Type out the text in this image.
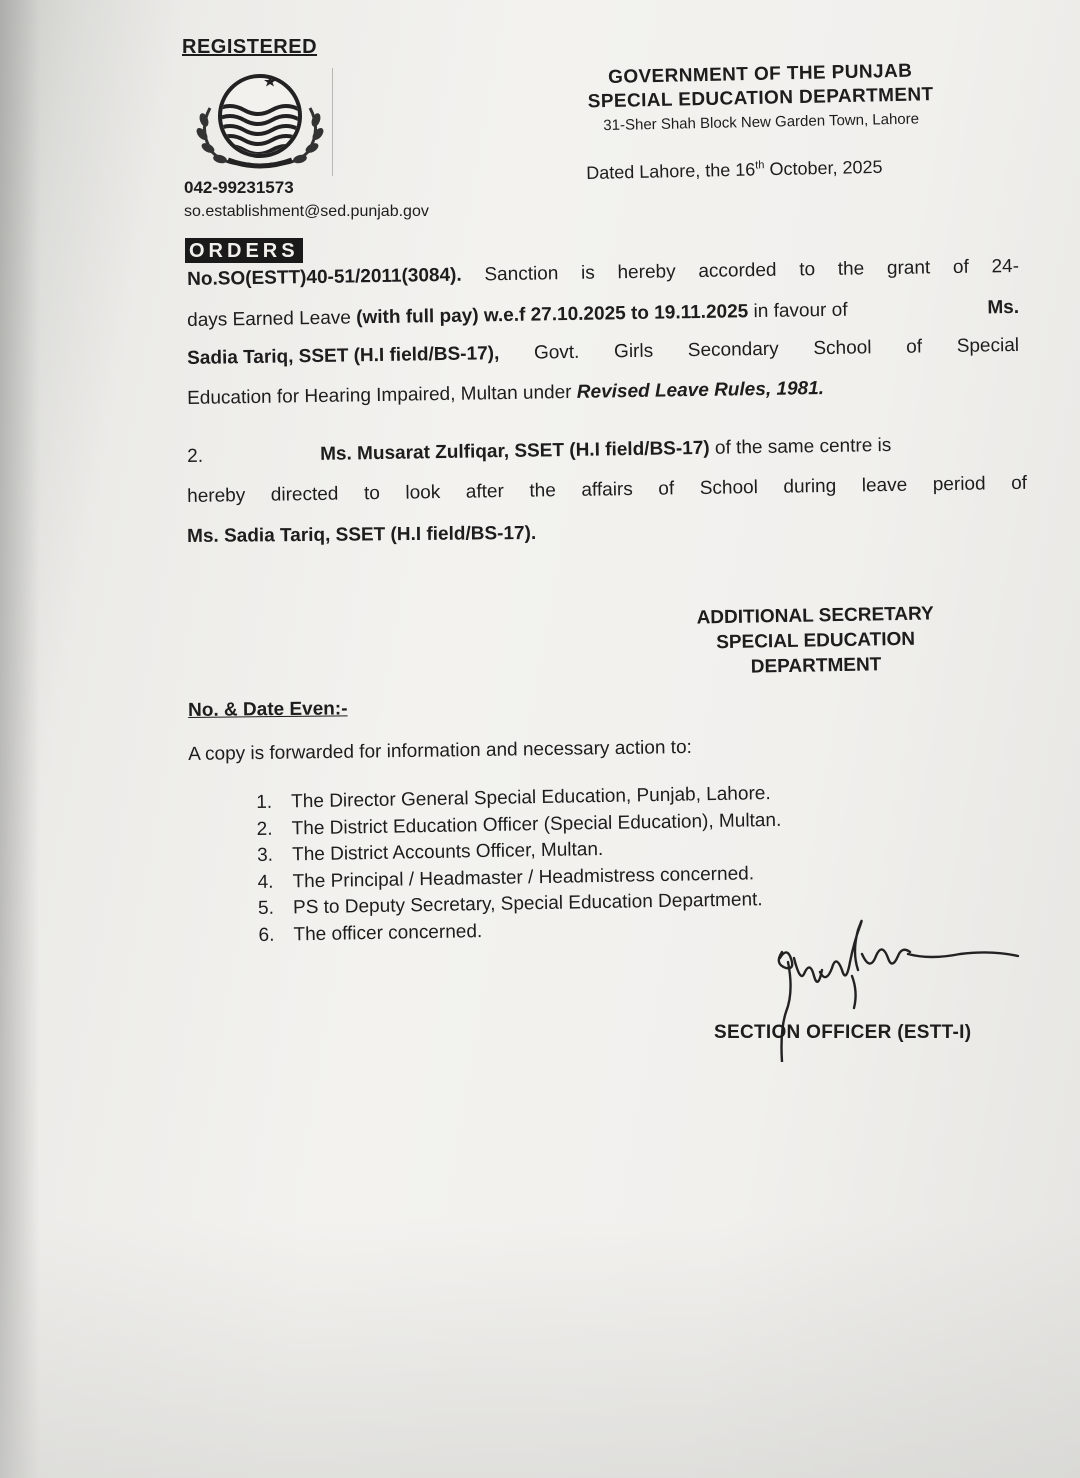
REGISTERED
042-99231573
so.establishment@sed.punjab.gov
GOVERNMENT OF THE PUNJAB
SPECIAL EDUCATION DEPARTMENT
31-Sher Shah Block New Garden Town, Lahore
Dated Lahore, the 16th October, 2025
ORDERS
No.SO(ESTT)40-51/2011(3084). Sanction is hereby accorded to the grant of 24-
days Earned Leave (with full pay) w.e.f 27.10.2025 to 19.11.2025 in favour of	Ms.
Sadia Tariq, SSET (H.I field/BS-17), Govt. Girls Secondary School of Special
Education for Hearing Impaired, Multan under Revised Leave Rules, 1981.
2.	Ms. Musarat Zulfiqar, SSET (H.I field/BS-17) of the same centre is
hereby directed to look after the affairs of School during leave period of
Ms. Sadia Tariq, SSET (H.I field/BS-17).
ADDITIONAL SECRETARY
SPECIAL EDUCATION
DEPARTMENT
No. & Date Even:-
A copy is forwarded for information and necessary action to:
1. The Director General Special Education, Punjab, Lahore.
2. The District Education Officer (Special Education), Multan.
3. The District Accounts Officer, Multan.
4. The Principal / Headmaster / Headmistress concerned.
5. PS to Deputy Secretary, Special Education Department.
6. The officer concerned.
SECTION OFFICER (ESTT-I)
